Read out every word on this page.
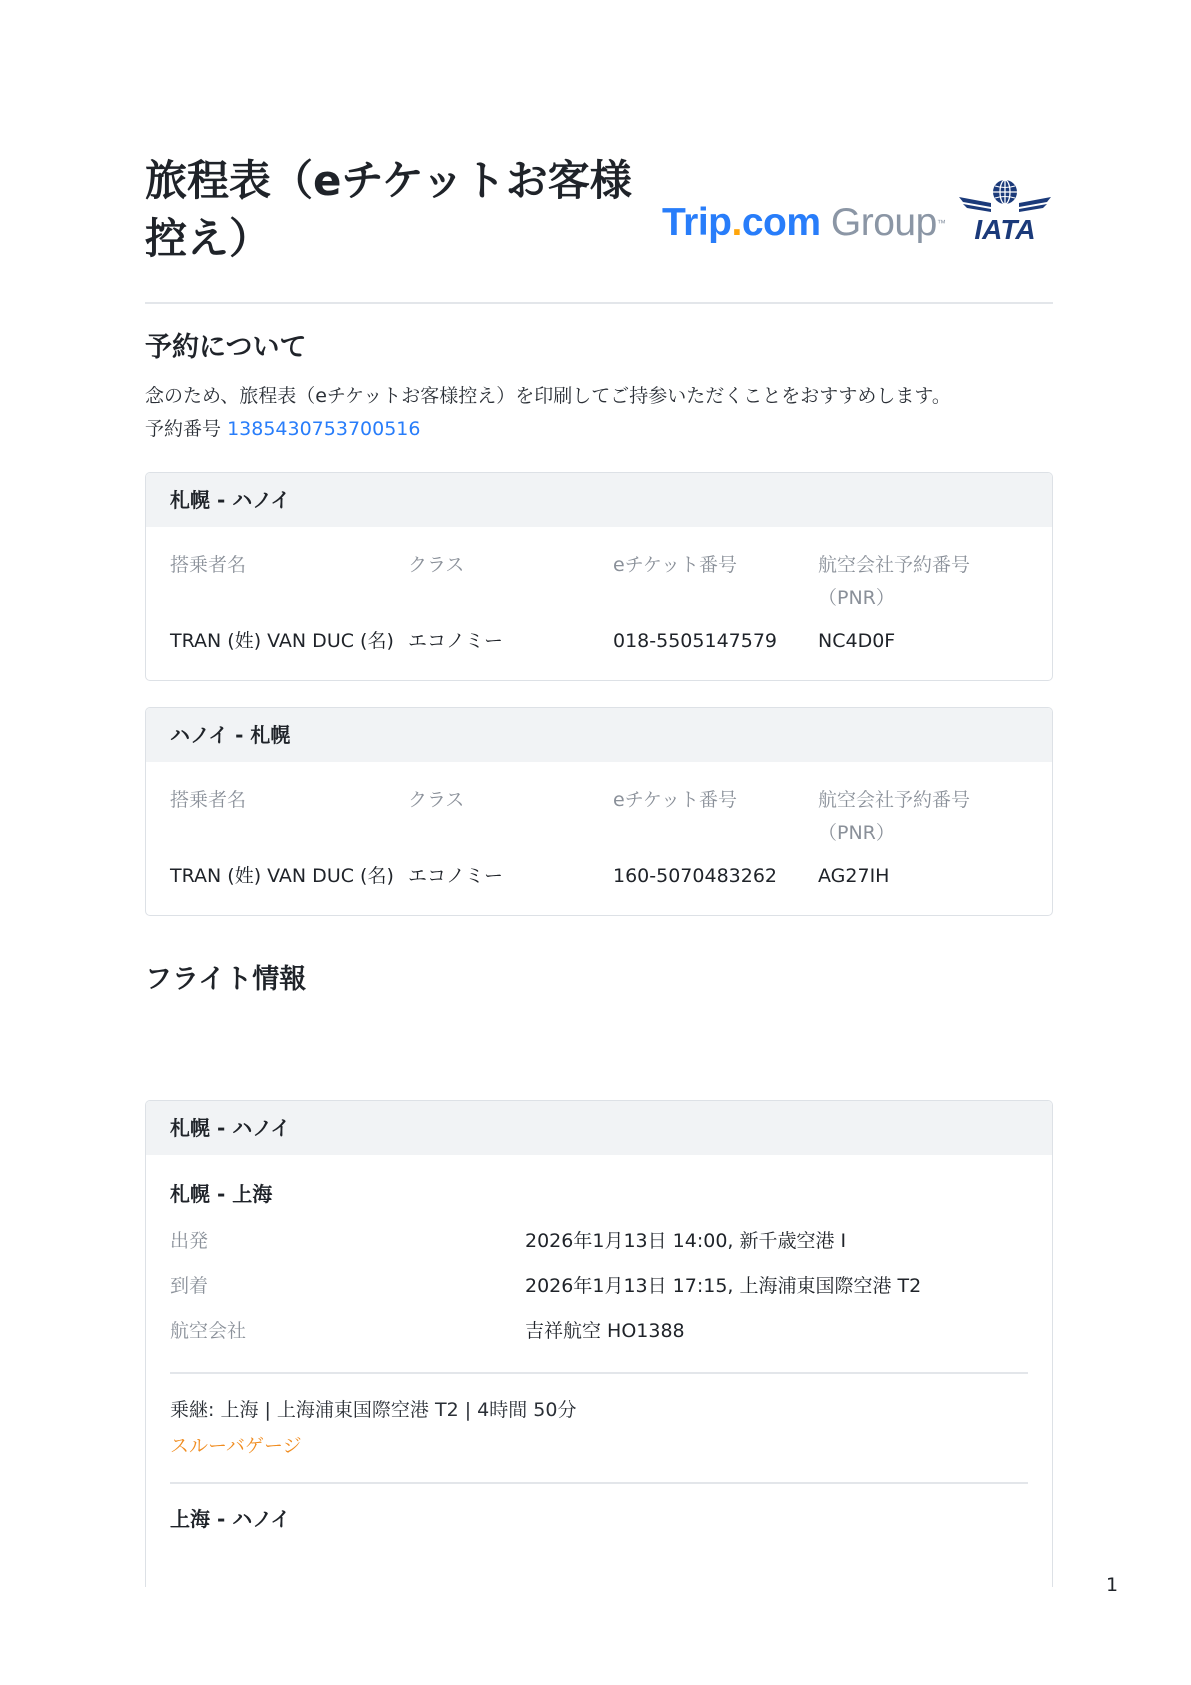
旅程表（eチケットお客様控え）	Trip.com Group™ IATA
予約について

念のため、旅程表（eチケットお客様控え）を印刷してご持参いただくことをおすすめします。

予約番号 1385430753700516

札幌 - ハノイ
搭乗者名	クラス	eチケット番号	航空会社予約番号（PNR）
TRAN (姓) VAN DUC (名) エコノミー	018-5505147579	NC4D0F
ハノイ - 札幌
搭乗者名	クラス	eチケット番号	航空会社予約番号（PNR）
TRAN (姓) VAN DUC (名) エコノミー	160-5070483262	AG27IH
フライト情報
札幌 - ハノイ
札幌 - 上海
出発	2026年1月13日 14:00, 新千歳空港 I
到着	2026年1月13日 17:15, 上海浦東国際空港 T2
航空会社	吉祥航空 HO1388
乗継: 上海 | 上海浦東国際空港 T2 | 4時間 50分
スルーバゲージ
上海 - ハノイ
1
